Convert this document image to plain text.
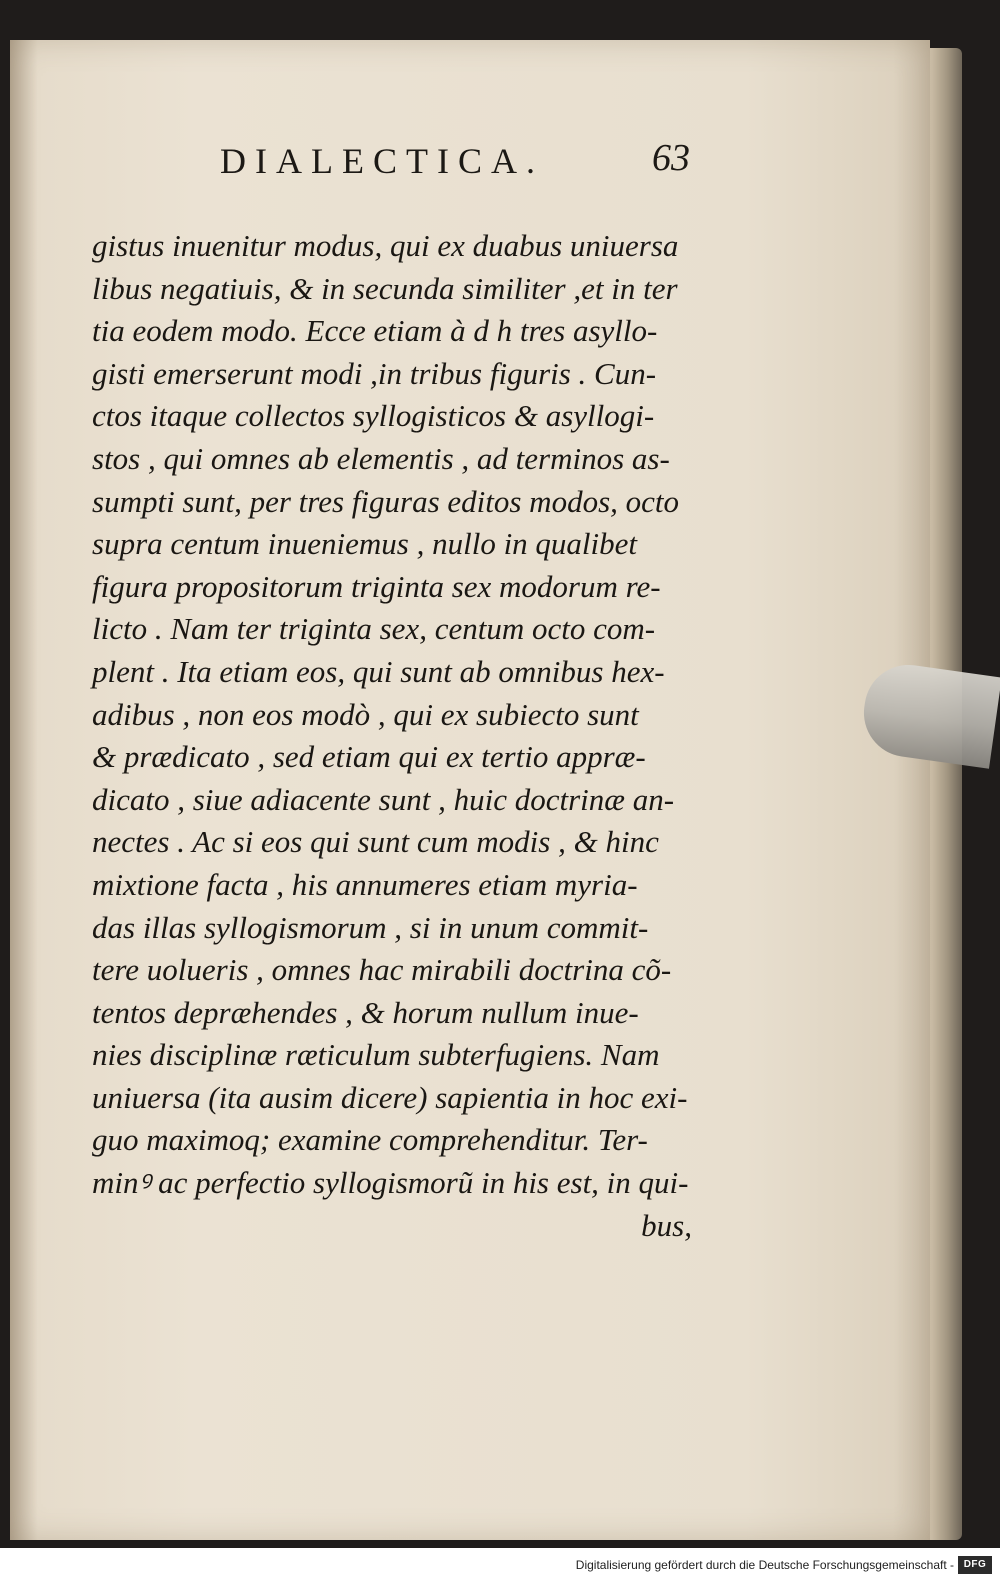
DIALECTICA.	63
gistus inuenitur modus, qui ex duabus uniuersa
libus negatiuis, & in secunda similiter ,et in ter
tia eodem modo. Ecce etiam à d h tres asyllo-
gisti emerserunt modi ,in tribus figuris . Cun-
ctos itaque collectos syllogisticos & asyllogi-
stos , qui omnes ab elementis , ad terminos as-
sumpti sunt, per tres figuras editos modos, octo
supra centum inueniemus , nullo in qualibet
figura propositorum triginta sex modorum re-
licto . Nam ter triginta sex, centum octo com-
plent . Ita etiam eos, qui sunt ab omnibus hex-
adibus , non eos modò , qui ex subiecto sunt
& prædicato , sed etiam qui ex tertio appræ-
dicato , siue adiacente sunt , huic doctrinæ an-
nectes . Ac si eos qui sunt cum modis , & hinc
mixtione facta , his annumeres etiam myria-
das illas syllogismorum , si in unum commit-
tere uolueris , omnes hac mirabili doctrina cõ-
tentos depræhendes , & horum nullum inue-
nies disciplinæ ræticulum subterfugiens. Nam
uniuersa (ita ausim dicere) sapientia in hoc exi-
guo maximoq; examine comprehenditur. Ter-
minꝰ ac perfectio syllogismorũ in his est, in qui-
bus,
Digitalisierung gefördert durch die Deutsche Forschungsgemeinschaft - DFG
